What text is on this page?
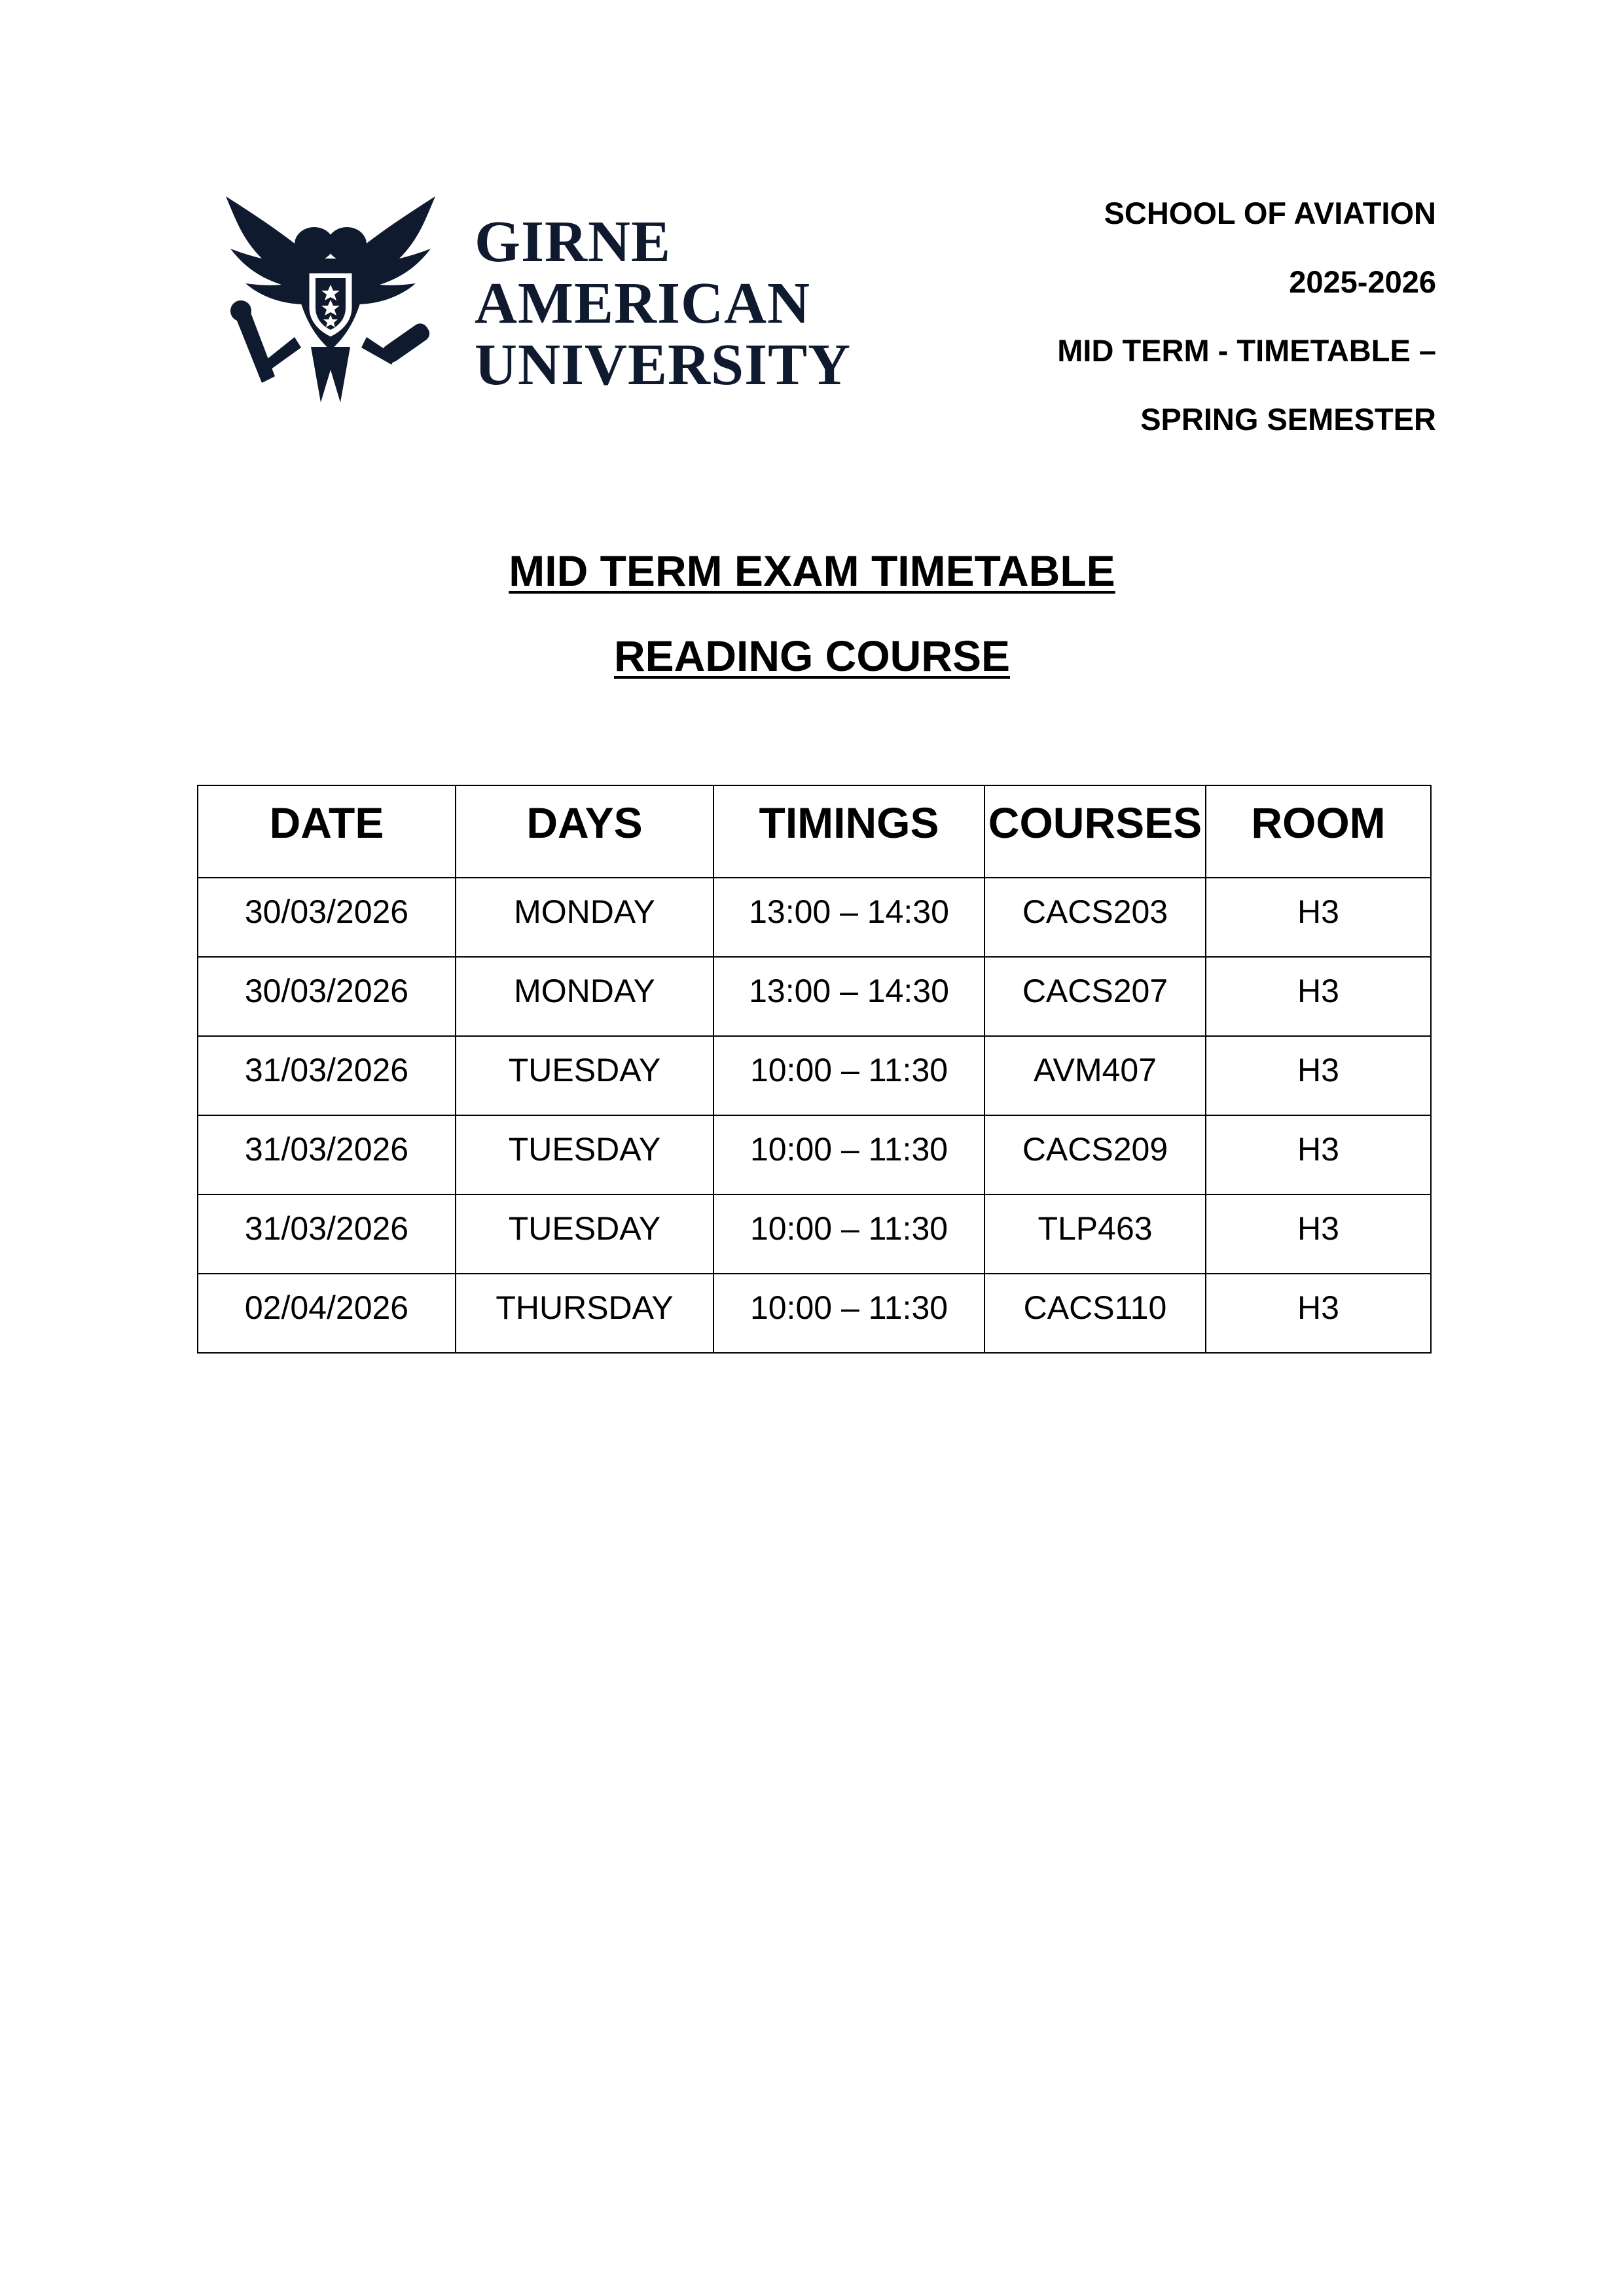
GIRNE
AMERICAN
UNIVERSITY
SCHOOL OF AVIATION
2025-2026
MID TERM - TIMETABLE –
SPRING SEMESTER
MID TERM EXAM TIMETABLE
READING COURSE
DATE	DAYS	TIMINGS	COURSES	ROOM
30/03/2026	MONDAY	13:00 – 14:30	CACS203	H3
30/03/2026	MONDAY	13:00 – 14:30	CACS207	H3
31/03/2026	TUESDAY	10:00 – 11:30	AVM407	H3
31/03/2026	TUESDAY	10:00 – 11:30	CACS209	H3
31/03/2026	TUESDAY	10:00 – 11:30	TLP463	H3
02/04/2026	THURSDAY	10:00 – 11:30	CACS110	H3
